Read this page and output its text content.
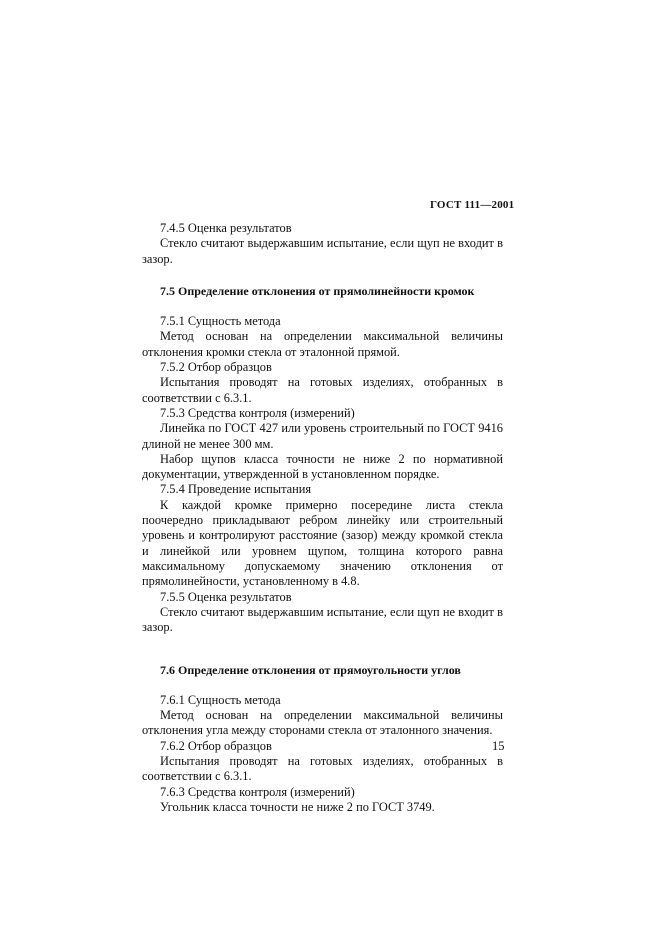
ГОСТ 111—2001

7.4.5 Оценка результатов

Стекло считают выдержавшим испытание, если щуп не входит в зазор.

7.5 Определение отклонения от прямолинейности кромок

7.5.1 Сущность метода

Метод основан на определении максимальной величины отклонения кромки стекла от эталонной прямой.

7.5.2 Отбор образцов

Испытания проводят на готовых изделиях, отобранных в соответствии с 6.3.1.

7.5.3 Средства контроля (измерений)

Линейка по ГОСТ 427 или уровень строительный по ГОСТ 9416 длиной не менее 300 мм.

Набор щупов класса точности не ниже 2 по нормативной документации, утвержденной в установленном порядке.

7.5.4 Проведение испытания

К каждой кромке примерно посередине листа стекла поочередно прикладывают ребром линейку или строительный уровень и контролируют расстояние (зазор) между кромкой стекла и линейкой или уровнем щупом, толщина которого равна максимальному допускаемому значению отклонения от прямолинейности, установленному в 4.8.

7.5.5 Оценка результатов

Стекло считают выдержавшим испытание, если щуп не входит в зазор.

7.6 Определение отклонения от прямоугольности углов

7.6.1 Сущность метода

Метод основан на определении максимальной величины отклонения угла между сторонами стекла от эталонного значения.

7.6.2 Отбор образцов

Испытания проводят на готовых изделиях, отобранных в соответствии с 6.3.1.

7.6.3 Средства контроля (измерений)

Угольник класса точности не ниже 2 по ГОСТ 3749.

15
